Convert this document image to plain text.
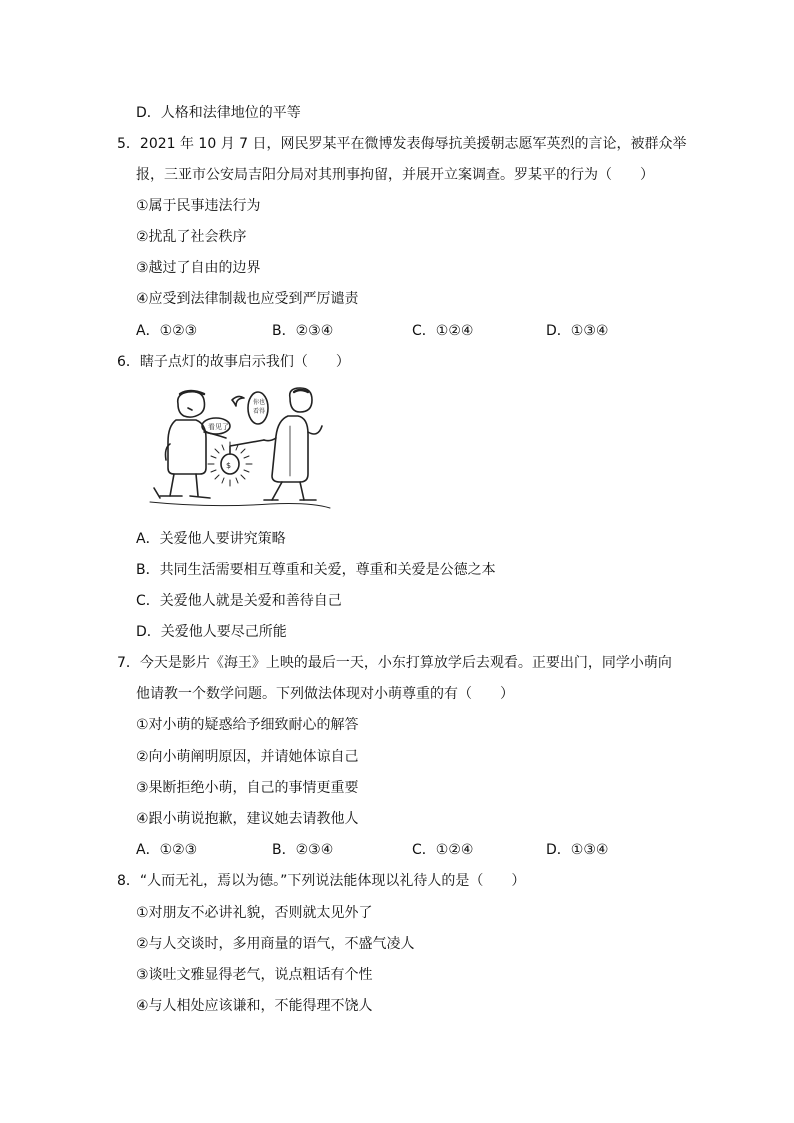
D．人格和法律地位的平等
5．2021 年 10 月 7 日，网民罗某平在微博发表侮辱抗美援朝志愿军英烈的言论，被群众举
报，三亚市公安局吉阳分局对其刑事拘留，并展开立案调查。罗某平的行为（　　）
①属于民事违法行为
②扰乱了社会秩序
③越过了自由的边界
④应受到法律制裁也应受到严厉谴责
A．①②③	B．②③④	C．①②④	D．①③④
6．瞎子点灯的故事启示我们（　　）
看见了
$
你也
看得
A．关爱他人要讲究策略
B．共同生活需要相互尊重和关爱，尊重和关爱是公德之本
C．关爱他人就是关爱和善待自己
D．关爱他人要尽己所能
7．今天是影片《海王》上映的最后一天，小东打算放学后去观看。正要出门，同学小萌向
他请教一个数学问题。下列做法体现对小萌尊重的有（　　）
①对小萌的疑惑给予细致耐心的解答
②向小萌阐明原因，并请她体谅自己
③果断拒绝小萌，自己的事情更重要
④跟小萌说抱歉，建议她去请教他人
A．①②③	B．②③④	C．①②④	D．①③④
8．“人而无礼，焉以为德。”下列说法能体现以礼待人的是（　　）
①对朋友不必讲礼貌，否则就太见外了
②与人交谈时，多用商量的语气，不盛气凌人
③谈吐文雅显得老气，说点粗话有个性
④与人相处应该谦和，不能得理不饶人
